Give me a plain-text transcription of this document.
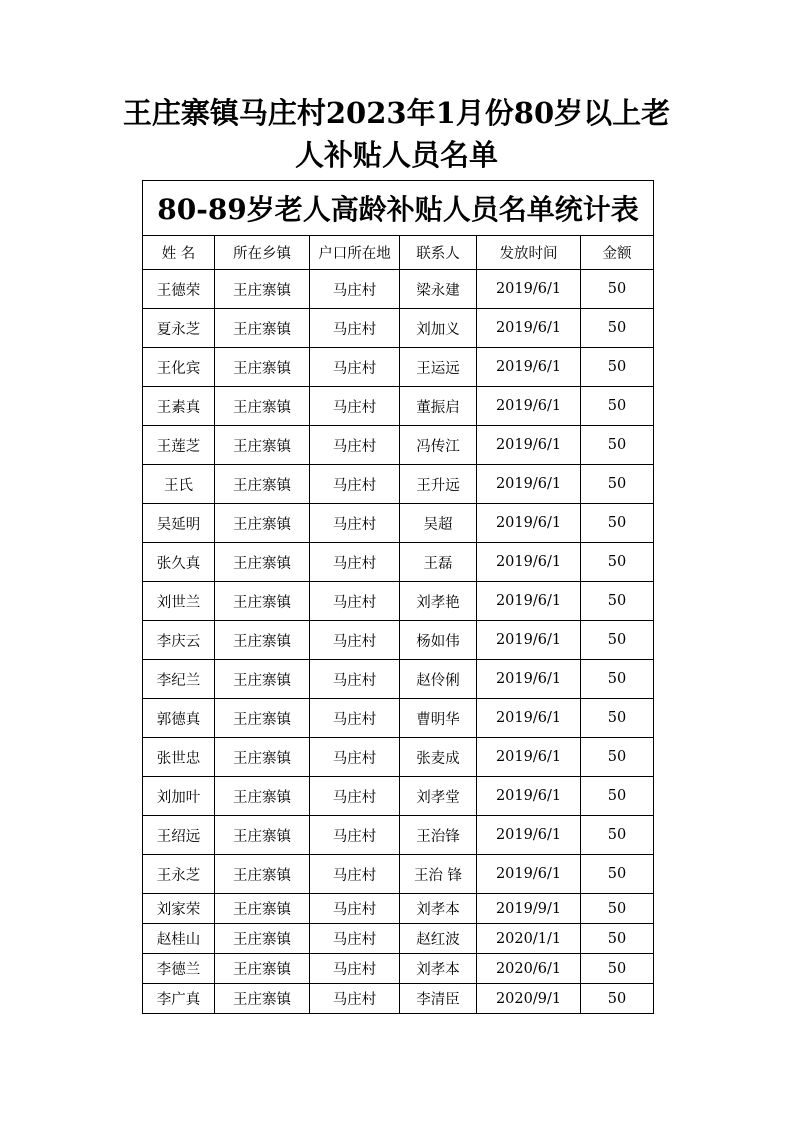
王庄寨镇马庄村2023年1月份80岁以上老
人补贴人员名单
80-89岁老人高龄补贴人员名单统计表					
姓 名	所在乡镇	户口所在地	联系人	发放时间	金额
王德荣	王庄寨镇	马庄村	梁永建	2019/6/1	50
夏永芝	王庄寨镇	马庄村	刘加义	2019/6/1	50
王化宾	王庄寨镇	马庄村	王运远	2019/6/1	50
王素真	王庄寨镇	马庄村	董振启	2019/6/1	50
王莲芝	王庄寨镇	马庄村	冯传江	2019/6/1	50
王氏	王庄寨镇	马庄村	王升远	2019/6/1	50
吴延明	王庄寨镇	马庄村	吴超	2019/6/1	50
张久真	王庄寨镇	马庄村	王磊	2019/6/1	50
刘世兰	王庄寨镇	马庄村	刘孝艳	2019/6/1	50
李庆云	王庄寨镇	马庄村	杨如伟	2019/6/1	50
李纪兰	王庄寨镇	马庄村	赵伶俐	2019/6/1	50
郭德真	王庄寨镇	马庄村	曹明华	2019/6/1	50
张世忠	王庄寨镇	马庄村	张麦成	2019/6/1	50
刘加叶	王庄寨镇	马庄村	刘孝堂	2019/6/1	50
王绍远	王庄寨镇	马庄村	王治锋	2019/6/1	50
王永芝	王庄寨镇	马庄村	王治 锋	2019/6/1	50
刘家荣	王庄寨镇	马庄村	刘孝本	2019/9/1	50
赵桂山	王庄寨镇	马庄村	赵红波	2020/1/1	50
李德兰	王庄寨镇	马庄村	刘孝本	2020/6/1	50
李广真	王庄寨镇	马庄村	李清臣	2020/9/1	50
